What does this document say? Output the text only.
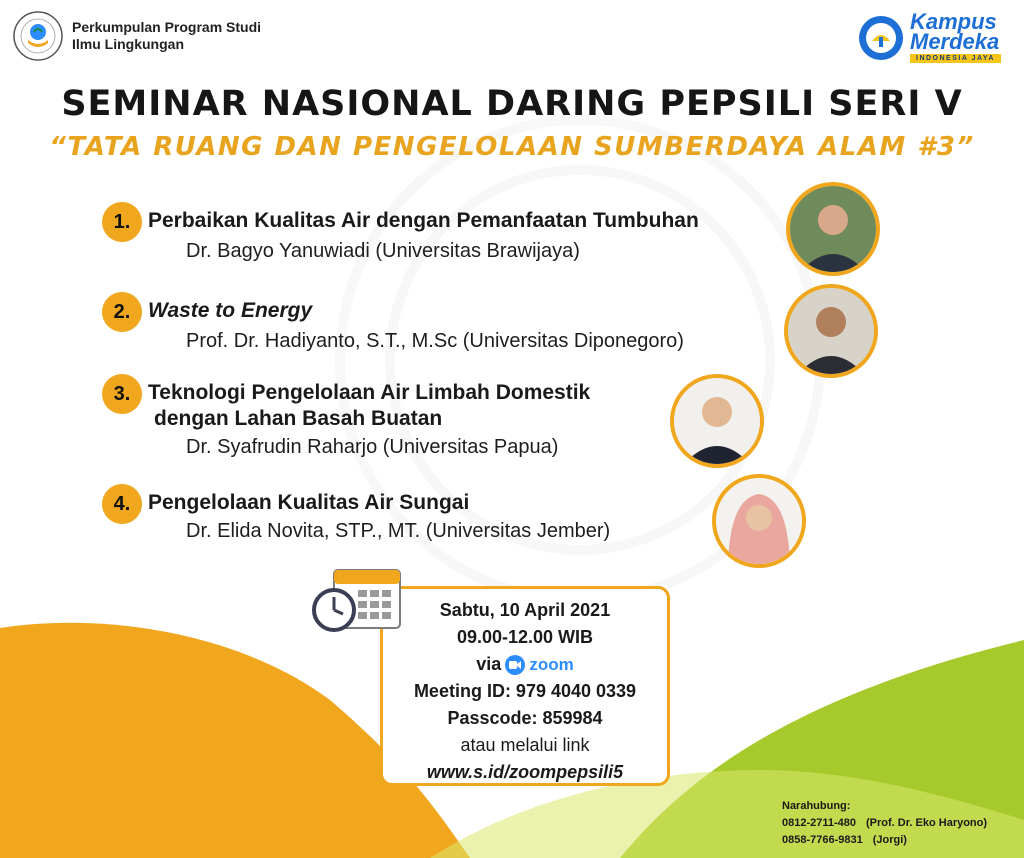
Perkumpulan Program Studi
Ilmu Lingkungan
Kampus
Merdeka
INDONESIA JAYA
SEMINAR NASIONAL DARING PEPSILI SERI V
“TATA RUANG DAN PENGELOLAAN SUMBERDAYA ALAM #3”
1. Perbaikan Kualitas Air dengan Pemanfaatan Tumbuhan
Dr. Bagyo Yanuwiadi (Universitas Brawijaya)
2. Waste to Energy
Prof. Dr. Hadiyanto, S.T., M.Sc (Universitas Diponegoro)
3. Teknologi Pengelolaan Air Limbah Domestik
dengan Lahan Basah Buatan
Dr. Syafrudin Raharjo (Universitas Papua)
4. Pengelolaan Kualitas Air Sungai
Dr. Elida Novita, STP., MT. (Universitas Jember)
Sabtu, 10 April 2021
09.00-12.00 WIB
via zoom
Meeting ID: 979 4040 0339
Passcode: 859984
atau melalui link
www.s.id/zoompepsili5
Narahubung:
0812-2711-480 (Prof. Dr. Eko Haryono)
0858-7766-9831 (Jorgi)
